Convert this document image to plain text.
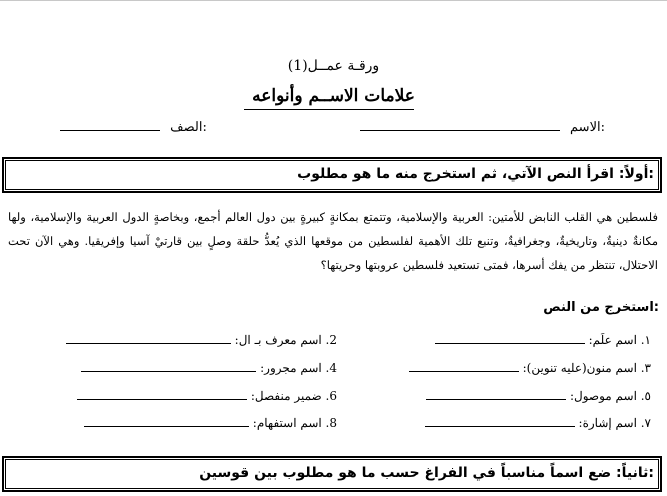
ورقـة عمــل(1)
علامات الاســم وأنواعه
الاسم:
الصف:
أولاً: اقرأ النص الآتي، ثم استخرج منه ما هو مطلوب:
فلسطين هي القلب النابض للأمتين: العربية والإسلامية، وتتمتع بمكانةٍ كبيرةٍ بين دول العالم أجمع، وبخاصةٍ الدول العربية والإسلامية، ولها مكانةٌ دينيةٌ، وتاريخيةٌ، وجغرافيةٌ، وتنبع تلك الأهمية لفلسطين من موقعها الذي يُعدُّ حلقة وصلٍ بين قارتيْ آسيا وإفريقيا. وهي الآن تحت الاحتلال، تنتظر من يفك أسرها، فمتى تستعيد فلسطين عروبتها وحريتها؟
استخرج من النص:
١. اسم علَم:
٣. اسم منون(عليه تنوين):
٥. اسم موصول:
٧. اسم إشارة:
2. اسم معرف بـ ال:
4. اسم مجرور:
6. ضمير منفصل:
8. اسم استفهام:
ثانياً: ضع اسماً مناسباً في الفراغ حسب ما هو مطلوب بين قوسين:
